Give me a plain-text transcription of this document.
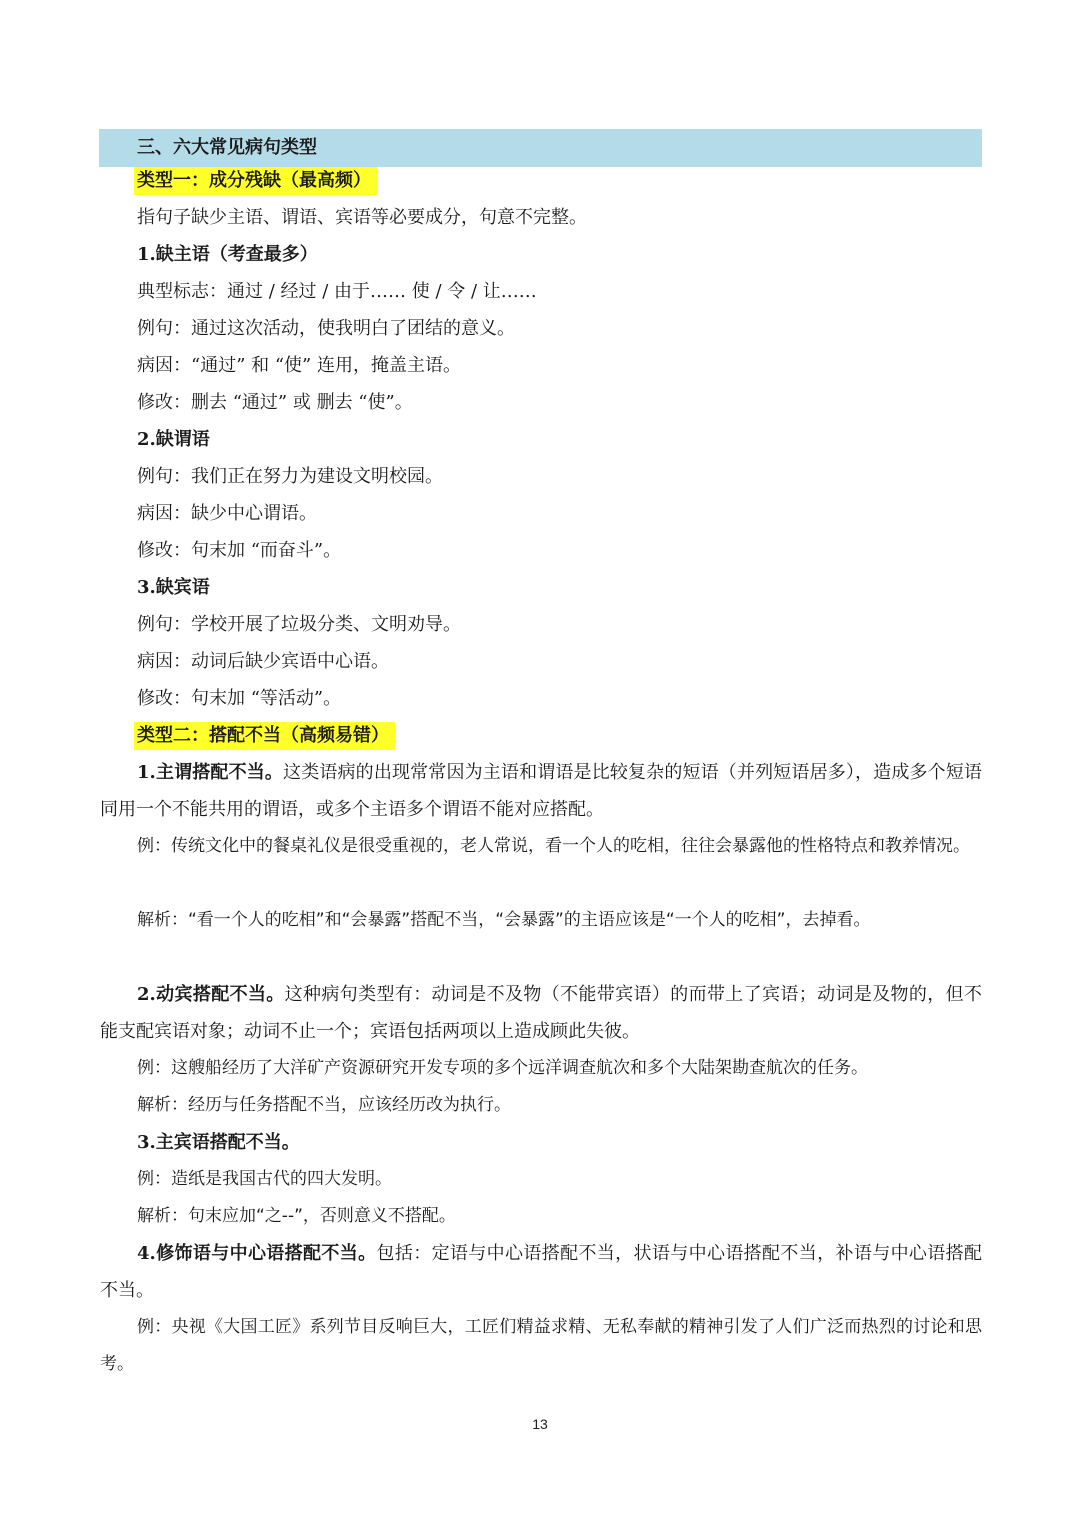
三、六大常见病句类型
类型一：成分残缺（最高频）
指句子缺少主语、谓语、宾语等必要成分，句意不完整。
1.缺主语（考查最多）
典型标志：通过 / 经过 / 由于…… 使 / 令 / 让……
例句：通过这次活动，使我明白了团结的意义。
病因：“通过” 和 “使” 连用，掩盖主语。
修改：删去 “通过” 或 删去 “使”。
2.缺谓语
例句：我们正在努力为建设文明校园。
病因：缺少中心谓语。
修改：句末加 “而奋斗”。
3.缺宾语
例句：学校开展了垃圾分类、文明劝导。
病因：动词后缺少宾语中心语。
修改：句末加 “等活动”。
类型二：搭配不当（高频易错）
1.主谓搭配不当。这类语病的出现常常因为主语和谓语是比较复杂的短语（并列短语居多），造成多个短语同用一个不能共用的谓语，或多个主语多个谓语不能对应搭配。
例：传统文化中的餐桌礼仪是很受重视的，老人常说，看一个人的吃相，往往会暴露他的性格特点和教养情况。
解析：“看一个人的吃相”和“会暴露”搭配不当，“会暴露”的主语应该是“一个人的吃相”，去掉看。
2.动宾搭配不当。这种病句类型有：动词是不及物（不能带宾语）的而带上了宾语；动词是及物的，但不能支配宾语对象；动词不止一个；宾语包括两项以上造成顾此失彼。
例：这艘船经历了大洋矿产资源研究开发专项的多个远洋调查航次和多个大陆架勘查航次的任务。
解析：经历与任务搭配不当，应该经历改为执行。
3.主宾语搭配不当。
例：造纸是我国古代的四大发明。
解析：句末应加“之--”，否则意义不搭配。
4.修饰语与中心语搭配不当。包括：定语与中心语搭配不当，状语与中心语搭配不当，补语与中心语搭配不当。
例：央视《大国工匠》系列节目反响巨大，工匠们精益求精、无私奉献的精神引发了人们广泛而热烈的讨论和思考。
13
